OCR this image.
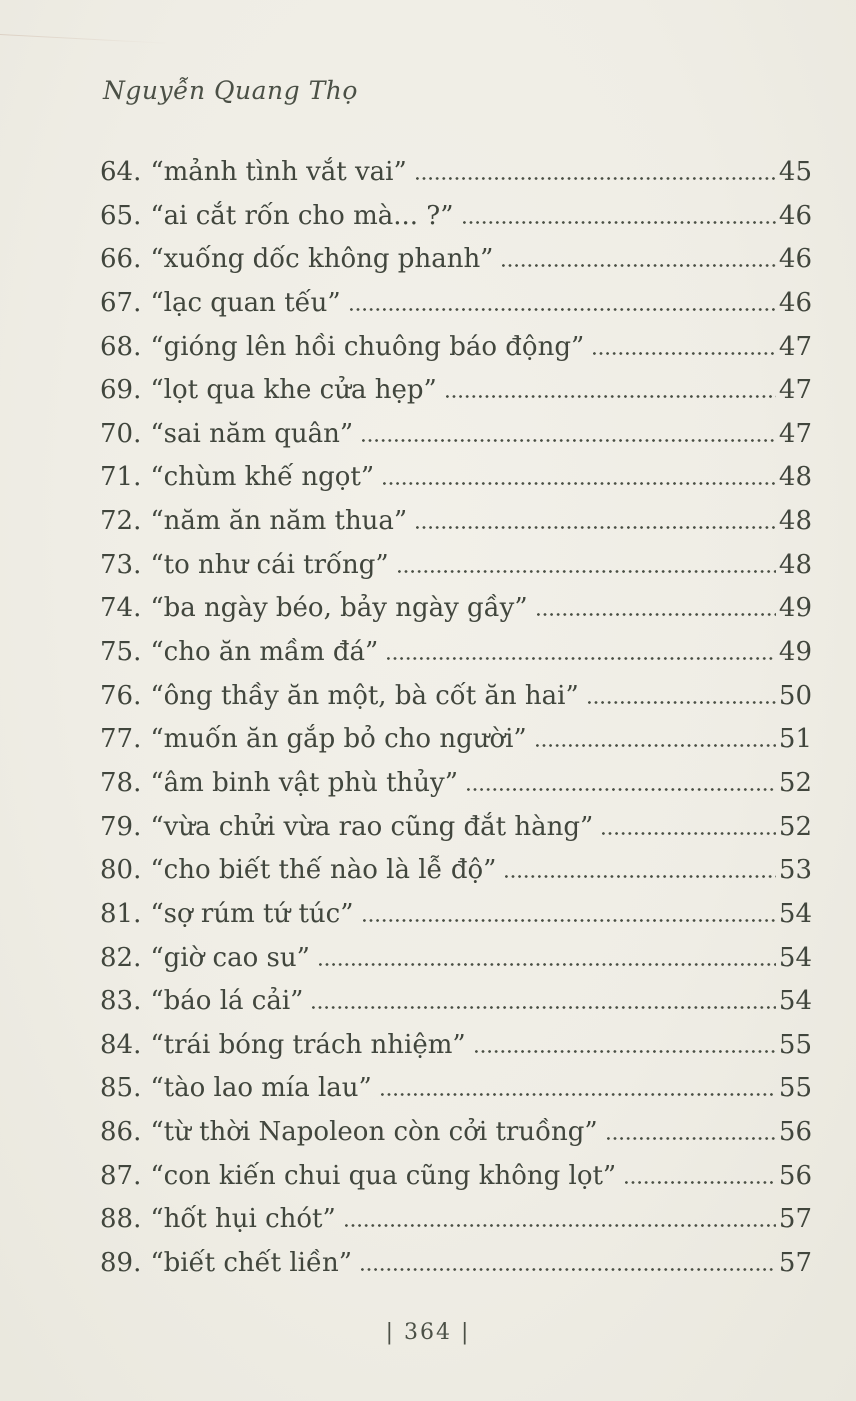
Nguyễn Quang Thọ
64. “mảnh tình vắt vai”	45
65. “ai cắt rốn cho mà... ?”	46
66. “xuống dốc không phanh”	46
67. “lạc quan tếu”	46
68. “gióng lên hồi chuông báo động”	47
69. “lọt qua khe cửa hẹp”	47
70. “sai năm quân”	47
71. “chùm khế ngọt”	48
72. “năm ăn năm thua”	48
73. “to như cái trống”	48
74. “ba ngày béo, bảy ngày gầy”	49
75. “cho ăn mầm đá”	49
76. “ông thầy ăn một, bà cốt ăn hai”	50
77. “muốn ăn gắp bỏ cho người”	51
78. “âm binh vật phù thủy”	52
79. “vừa chửi vừa rao cũng đắt hàng”	52
80. “cho biết thế nào là lễ độ”	53
81. “sợ rúm tứ túc”	54
82. “giờ cao su”	54
83. “báo lá cải”	54
84. “trái bóng trách nhiệm”	55
85. “tào lao mía lau”	55
86. “từ thời Napoleon còn cởi truồng”	56
87. “con kiến chui qua cũng không lọt”	56
88. “hốt hụi chót”	57
89. “biết chết liền”	57
| 364 |
